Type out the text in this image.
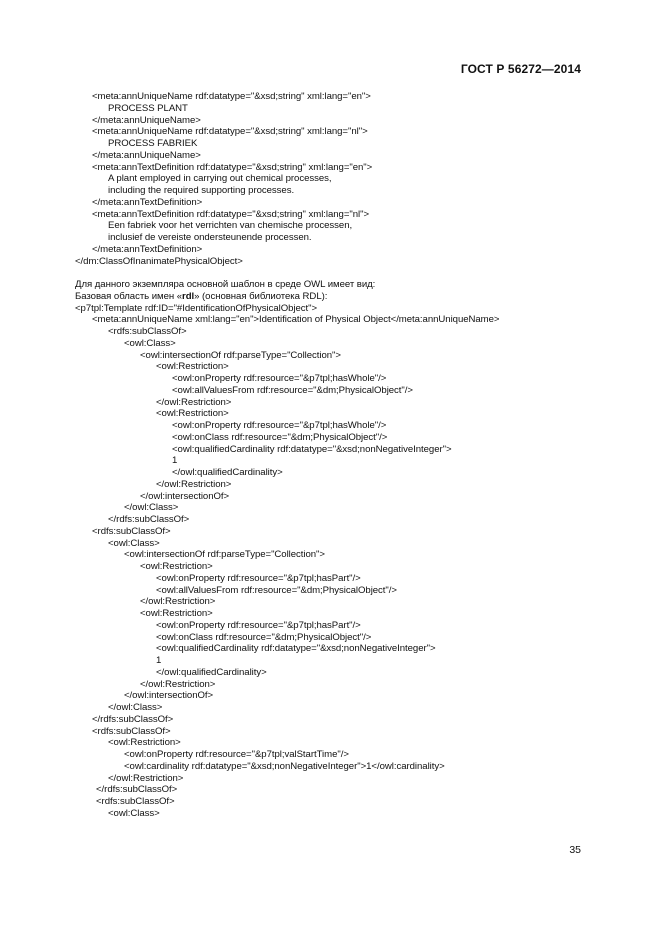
ГОСТ Р 56272—2014
<meta:annUniqueName rdf:datatype="&xsd;string" xml:lang="en">
PROCESS PLANT
</meta:annUniqueName>
<meta:annUniqueName rdf:datatype="&xsd;string" xml:lang="nl">
PROCESS FABRIEK
</meta:annUniqueName>
<meta:annTextDefinition rdf:datatype="&xsd;string" xml:lang="en">
A plant employed in carrying out chemical processes,
including the required supporting processes.
</meta:annTextDefinition>
<meta:annTextDefinition rdf:datatype="&xsd;string" xml:lang="nl">
Een fabriek voor het verrichten van chemische processen,
inclusief de vereiste ondersteunende processen.
</meta:annTextDefinition>
</dm:ClassOfInanimatePhysicalObject>
Для данного экземпляра основной шаблон в среде OWL имеет вид:
Базовая область имен «rdl» (основная библиотека RDL):
<p7tpl:Template rdf:ID="#IdentificationOfPhysicalObject">
<meta:annUniqueName xml:lang="en">Identification of Physical Object</meta:annUniqueName>
<rdfs:subClassOf>
<owl:Class>
<owl:intersectionOf rdf:parseType="Collection">
<owl:Restriction>
<owl:onProperty rdf:resource="&p7tpl;hasWhole"/>
<owl:allValuesFrom rdf:resource="&dm;PhysicalObject"/>
</owl:Restriction>
<owl:Restriction>
<owl:onProperty rdf:resource="&p7tpl;hasWhole"/>
<owl:onClass rdf:resource="&dm;PhysicalObject"/>
<owl:qualifiedCardinality rdf:datatype="&xsd;nonNegativeInteger">
1
</owl:qualifiedCardinality>
</owl:Restriction>
</owl:intersectionOf>
</owl:Class>
</rdfs:subClassOf>
<rdfs:subClassOf>
<owl:Class>
<owl:intersectionOf rdf:parseType="Collection">
<owl:Restriction>
<owl:onProperty rdf:resource="&p7tpl;hasPart"/>
<owl:allValuesFrom rdf:resource="&dm;PhysicalObject"/>
</owl:Restriction>
<owl:Restriction>
<owl:onProperty rdf:resource="&p7tpl;hasPart"/>
<owl:onClass rdf:resource="&dm;PhysicalObject"/>
<owl:qualifiedCardinality rdf:datatype="&xsd;nonNegativeInteger">
1
</owl:qualifiedCardinality>
</owl:Restriction>
</owl:intersectionOf>
</owl:Class>
</rdfs:subClassOf>
<rdfs:subClassOf>
<owl:Restriction>
<owl:onProperty rdf:resource="&p7tpl;valStartTime"/>
<owl:cardinality rdf:datatype="&xsd;nonNegativeInteger">1</owl:cardinality>
</owl:Restriction>
</rdfs:subClassOf>
<rdfs:subClassOf>
<owl:Class>
35
